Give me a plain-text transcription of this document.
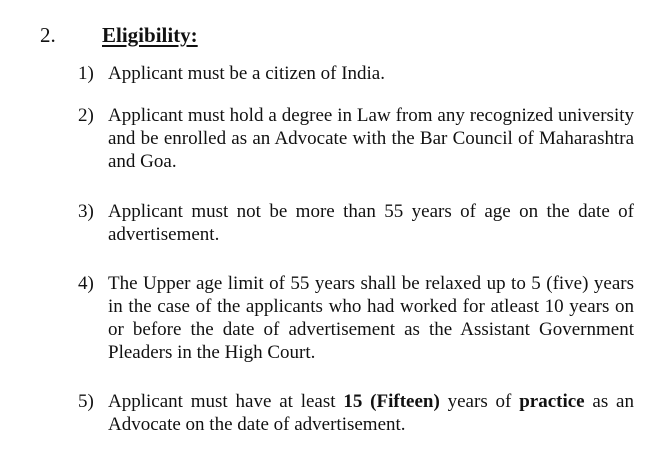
2. Eligibility:
1) Applicant must be a citizen of India.
2) Applicant must hold a degree in Law from any recognized university and be enrolled as an Advocate with the Bar Council of Maharashtra and Goa.
3) Applicant must not be more than 55 years of age on the date of advertisement.
4) The Upper age limit of 55 years shall be relaxed up to 5 (five) years in the case of the applicants who had worked for atleast 10 years on or before the date of advertisement as the Assistant Government Pleaders in the High Court.
5) Applicant must have at least 15 (Fifteen) years of practice as an Advocate on the date of advertisement.
